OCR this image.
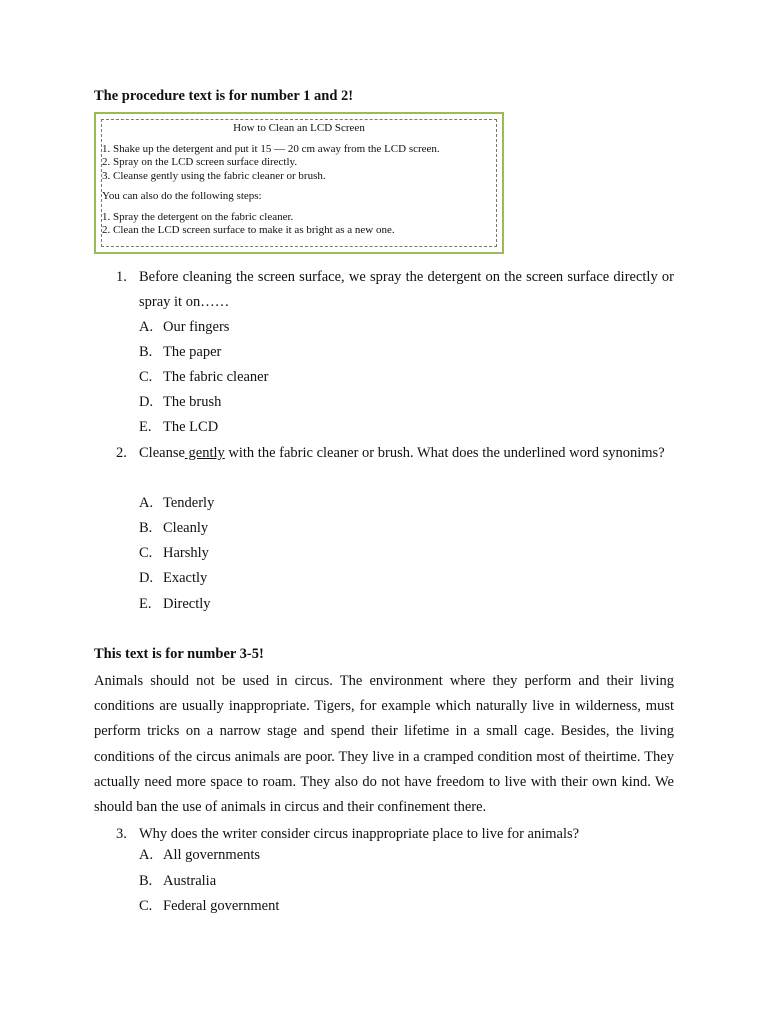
The procedure text is for number 1 and 2!
How to Clean an LCD Screen
1. Shake up the detergent and put it 15 — 20 cm away from the LCD screen.
2. Spray on the LCD screen surface directly.
3. Cleanse gently using the fabric cleaner or brush.
You can also do the following steps:
1. Spray the detergent on the fabric cleaner.
2. Clean the LCD screen surface to make it as bright as a new one.
1. Before cleaning the screen surface, we spray the detergent on the screen surface directly or spray it on……
A. Our fingers
B. The paper
C. The fabric cleaner
D. The brush
E. The LCD
2. Cleanse gently with the fabric cleaner or brush. What does the underlined word synonims?
A. Tenderly
B. Cleanly
C. Harshly
D. Exactly
E. Directly
This text is for number 3-5!
Animals should not be used in circus. The environment where they perform and their living conditions are usually inappropriate. Tigers, for example which naturally live in wilderness, must perform tricks on a narrow stage and spend their lifetime in a small cage. Besides, the living conditions of the circus animals are poor. They live in a cramped condition most of theirtime. They actually need more space to roam. They also do not have freedom to live with their own kind. We should ban the use of animals in circus and their confinement there.
3. Why does the writer consider circus inappropriate place to live for animals?
A. All governments
B. Australia
C. Federal government
